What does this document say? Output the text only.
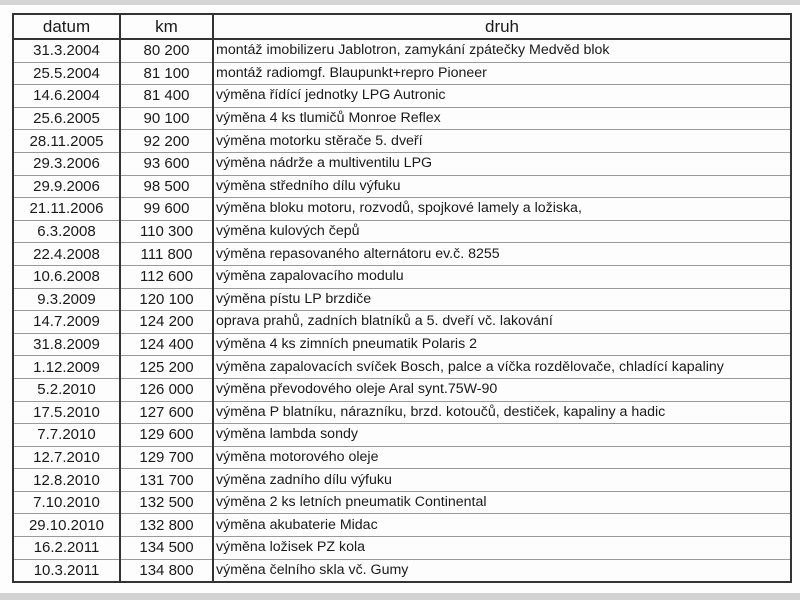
datum	km	druh
31.3.2004	80 200	montáž imobilizeru Jablotron, zamykání zpátečky Medvěd blok
25.5.2004	81 100	montáž radiomgf. Blaupunkt+repro Pioneer
14.6.2004	81 400	výměna řídící jednotky LPG Autronic
25.6.2005	90 100	výměna 4 ks tlumičů Monroe Reflex
28.11.2005	92 200	výměna motorku stěrače 5. dveří
29.3.2006	93 600	výměna nádrže a multiventilu LPG
29.9.2006	98 500	výměna středního dílu výfuku
21.11.2006	99 600	výměna bloku motoru, rozvodů, spojkové lamely a ložiska,
6.3.2008	110 300	výměna kulových čepů
22.4.2008	111 800	výměna repasovaného alternátoru ev.č. 8255
10.6.2008	112 600	výměna zapalovacího modulu
9.3.2009	120 100	výměna pístu LP brzdiče
14.7.2009	124 200	oprava prahů, zadních blatníků a 5. dveří vč. lakování
31.8.2009	124 400	výměna 4 ks zimních pneumatik Polaris 2
1.12.2009	125 200	výměna zapalovacích svíček Bosch, palce a víčka rozdělovače, chladící kapaliny
5.2.2010	126 000	výměna převodového oleje Aral synt.75W-90
17.5.2010	127 600	výměna P blatníku, nárazníku, brzd. kotoučů, destiček, kapaliny a hadic
7.7.2010	129 600	výměna lambda sondy
12.7.2010	129 700	výměna motorového oleje
12.8.2010	131 700	výměna zadního dílu výfuku
7.10.2010	132 500	výměna 2 ks letních pneumatik Continental
29.10.2010	132 800	výměna akubaterie Midac
16.2.2011	134 500	výměna ložisek PZ kola
10.3.2011	134 800	výměna čelního skla vč. Gumy
